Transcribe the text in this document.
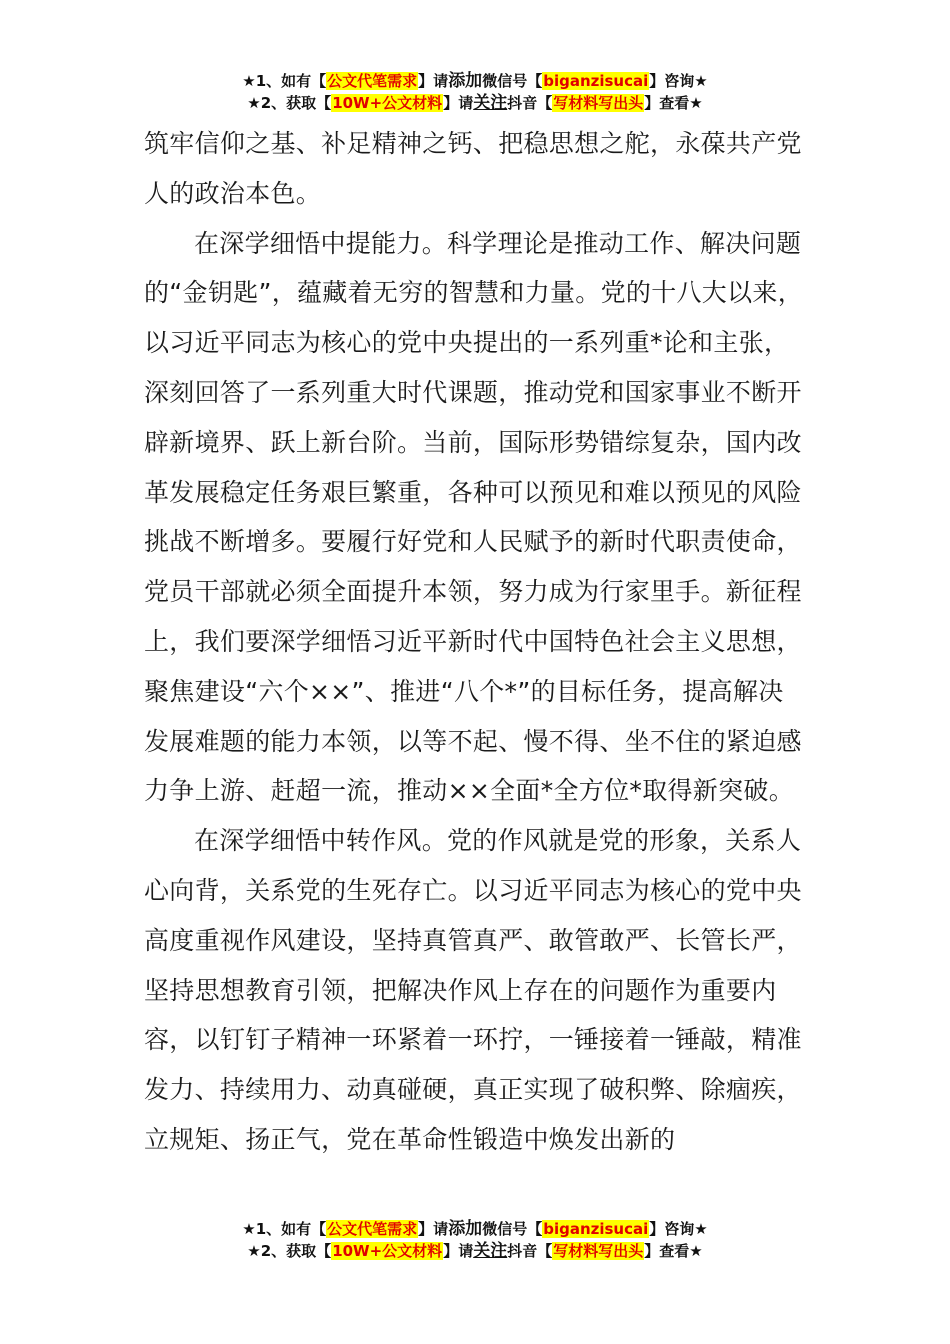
★1、如有【公文代笔需求】请添加微信号【biganzisucai】咨询★
★2、获取【10W+公文材料】请关注抖音【写材料写出头】查看★

筑牢信仰之基、补足精神之钙、把稳思想之舵，永葆共产党人的政治本色。

在深学细悟中提能力。科学理论是推动工作、解决问题的“金钥匙”，蕴藏着无穷的智慧和力量。党的十八大以来，以习近平同志为核心的党中央提出的一系列重*论和主张，深刻回答了一系列重大时代课题，推动党和国家事业不断开辟新境界、跃上新台阶。当前，国际形势错综复杂，国内改革发展稳定任务艰巨繁重，各种可以预见和难以预见的风险挑战不断增多。要履行好党和人民赋予的新时代职责使命，党员干部就必须全面提升本领，努力成为行家里手。新征程上，我们要深学细悟习近平新时代中国特色社会主义思想，聚焦建设“六个××”、推进“八个*”的目标任务，提高解决发展难题的能力本领，以等不起、慢不得、坐不住的紧迫感力争上游、赶超一流，推动××全面*全方位*取得新突破。

在深学细悟中转作风。党的作风就是党的形象，关系人心向背，关系党的生死存亡。以习近平同志为核心的党中央高度重视作风建设，坚持真管真严、敢管敢严、长管长严，坚持思想教育引领，把解决作风上存在的问题作为重要内容，以钉钉子精神一环紧着一环拧，一锤接着一锤敲，精准发力、持续用力、动真碰硬，真正实现了破积弊、除痼疾，立规矩、扬正气，党在革命性锻造中焕发出新的

★1、如有【公文代笔需求】请添加微信号【biganzisucai】咨询★
★2、获取【10W+公文材料】请关注抖音【写材料写出头】查看★
